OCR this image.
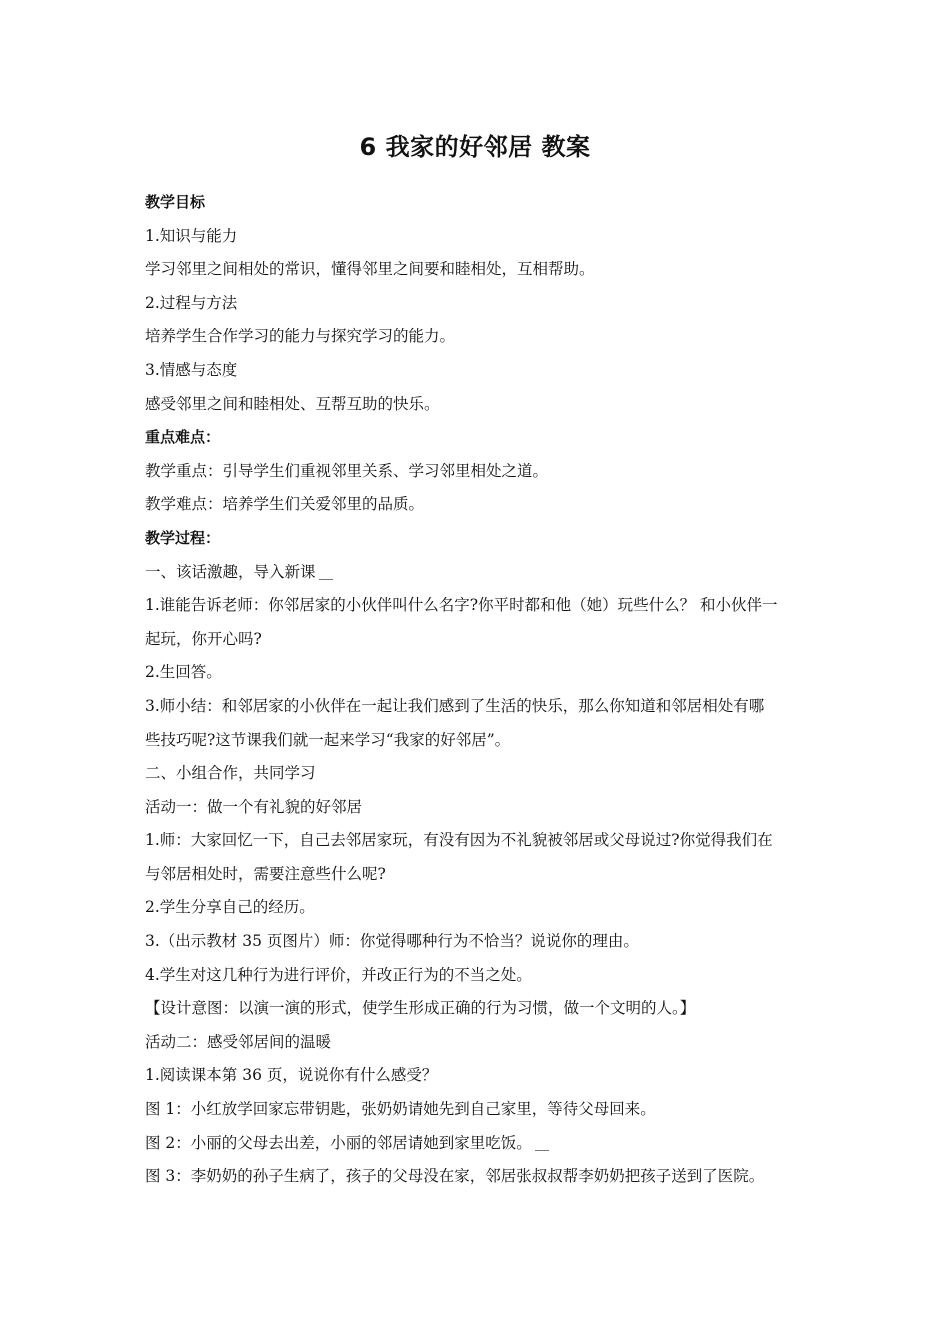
6 我家的好邻居 教案
教学目标
1.知识与能力
学习邻里之间相处的常识，懂得邻里之间要和睦相处，互相帮助。
2.过程与方法
培养学生合作学习的能力与探究学习的能力。
3.情感与态度
感受邻里之间和睦相处、互帮互助的快乐。
重点难点：
教学重点：引导学生们重视邻里关系、学习邻里相处之道。
教学难点：培养学生们关爱邻里的品质。
教学过程：
一、该话激趣，导入新课
1.谁能告诉老师：你邻居家的小伙伴叫什么名字?你平时都和他（她）玩些什么？ 和小伙伴一
起玩，你开心吗?
2.生回答。
3.师小结：和邻居家的小伙伴在一起让我们感到了生活的快乐，那么你知道和邻居相处有哪
些技巧呢?这节课我们就一起来学习“我家的好邻居”。
二、小组合作，共同学习
活动一：做一个有礼貌的好邻居
1.师：大家回忆一下，自己去邻居家玩，有没有因为不礼貌被邻居或父母说过?你觉得我们在
与邻居相处时，需要注意些什么呢?
2.学生分享自己的经历。
3.（出示教材 35 页图片）师：你觉得哪种行为不恰当？说说你的理由。
4.学生对这几种行为进行评价，并改正行为的不当之处。
【设计意图：以演一演的形式，使学生形成正确的行为习惯，做一个文明的人。】
活动二：感受邻居间的温暖
1.阅读课本第 36 页，说说你有什么感受？
图 1：小红放学回家忘带钥匙，张奶奶请她先到自己家里，等待父母回来。
图 2：小丽的父母去出差，小丽的邻居请她到家里吃饭。
图 3：李奶奶的孙子生病了，孩子的父母没在家，邻居张叔叔帮李奶奶把孩子送到了医院。
